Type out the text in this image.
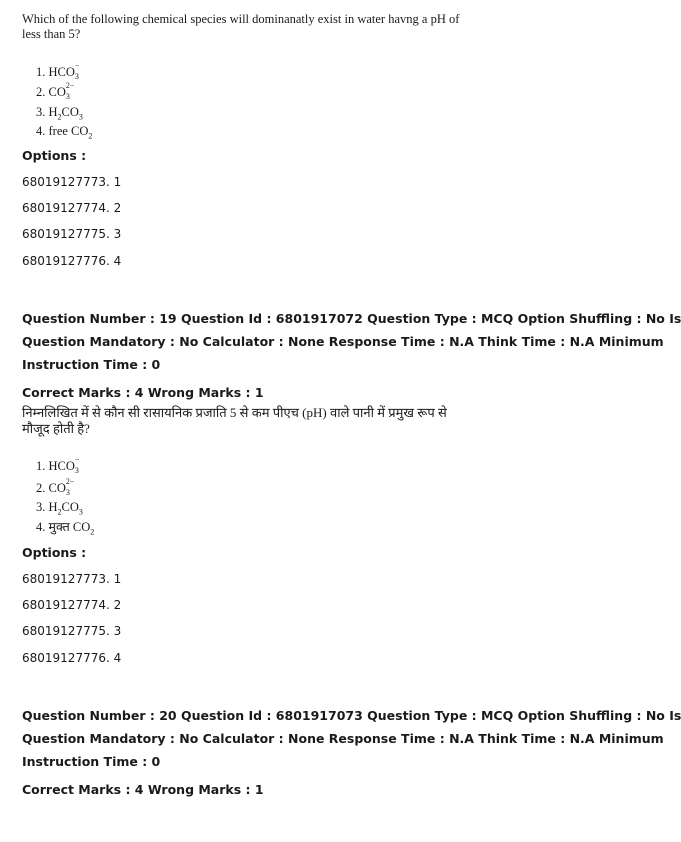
Which of the following chemical species will dominanatly exist in water havng a pH of less than 5?
1. HCO −
3
2. CO 2−
3
3. $H_2CO_3$
4. free $CO_2$
Options :
68019127773. 1
68019127774. 2
68019127775. 3
68019127776. 4
Question Number : 19 Question Id : 6801917072 Question Type : MCQ Option Shuffling : No Is
Question Mandatory : No Calculator : None Response Time : N.A Think Time : N.A Minimum
Instruction Time : 0
Correct Marks : 4 Wrong Marks : 1
निम्नलिखित में से कौन सी रासायनिक प्रजाति 5 से कम पीएच (pH) वाले पानी में प्रमुख रूप से मौजूद होती है?
1. HCO −
3
2. CO 2−
3
3. $H_2CO_3$
4. मुक्त $CO_2$
Options :
68019127773. 1
68019127774. 2
68019127775. 3
68019127776. 4
Question Number : 20 Question Id : 6801917073 Question Type : MCQ Option Shuffling : No Is
Question Mandatory : No Calculator : None Response Time : N.A Think Time : N.A Minimum
Instruction Time : 0
Correct Marks : 4 Wrong Marks : 1
